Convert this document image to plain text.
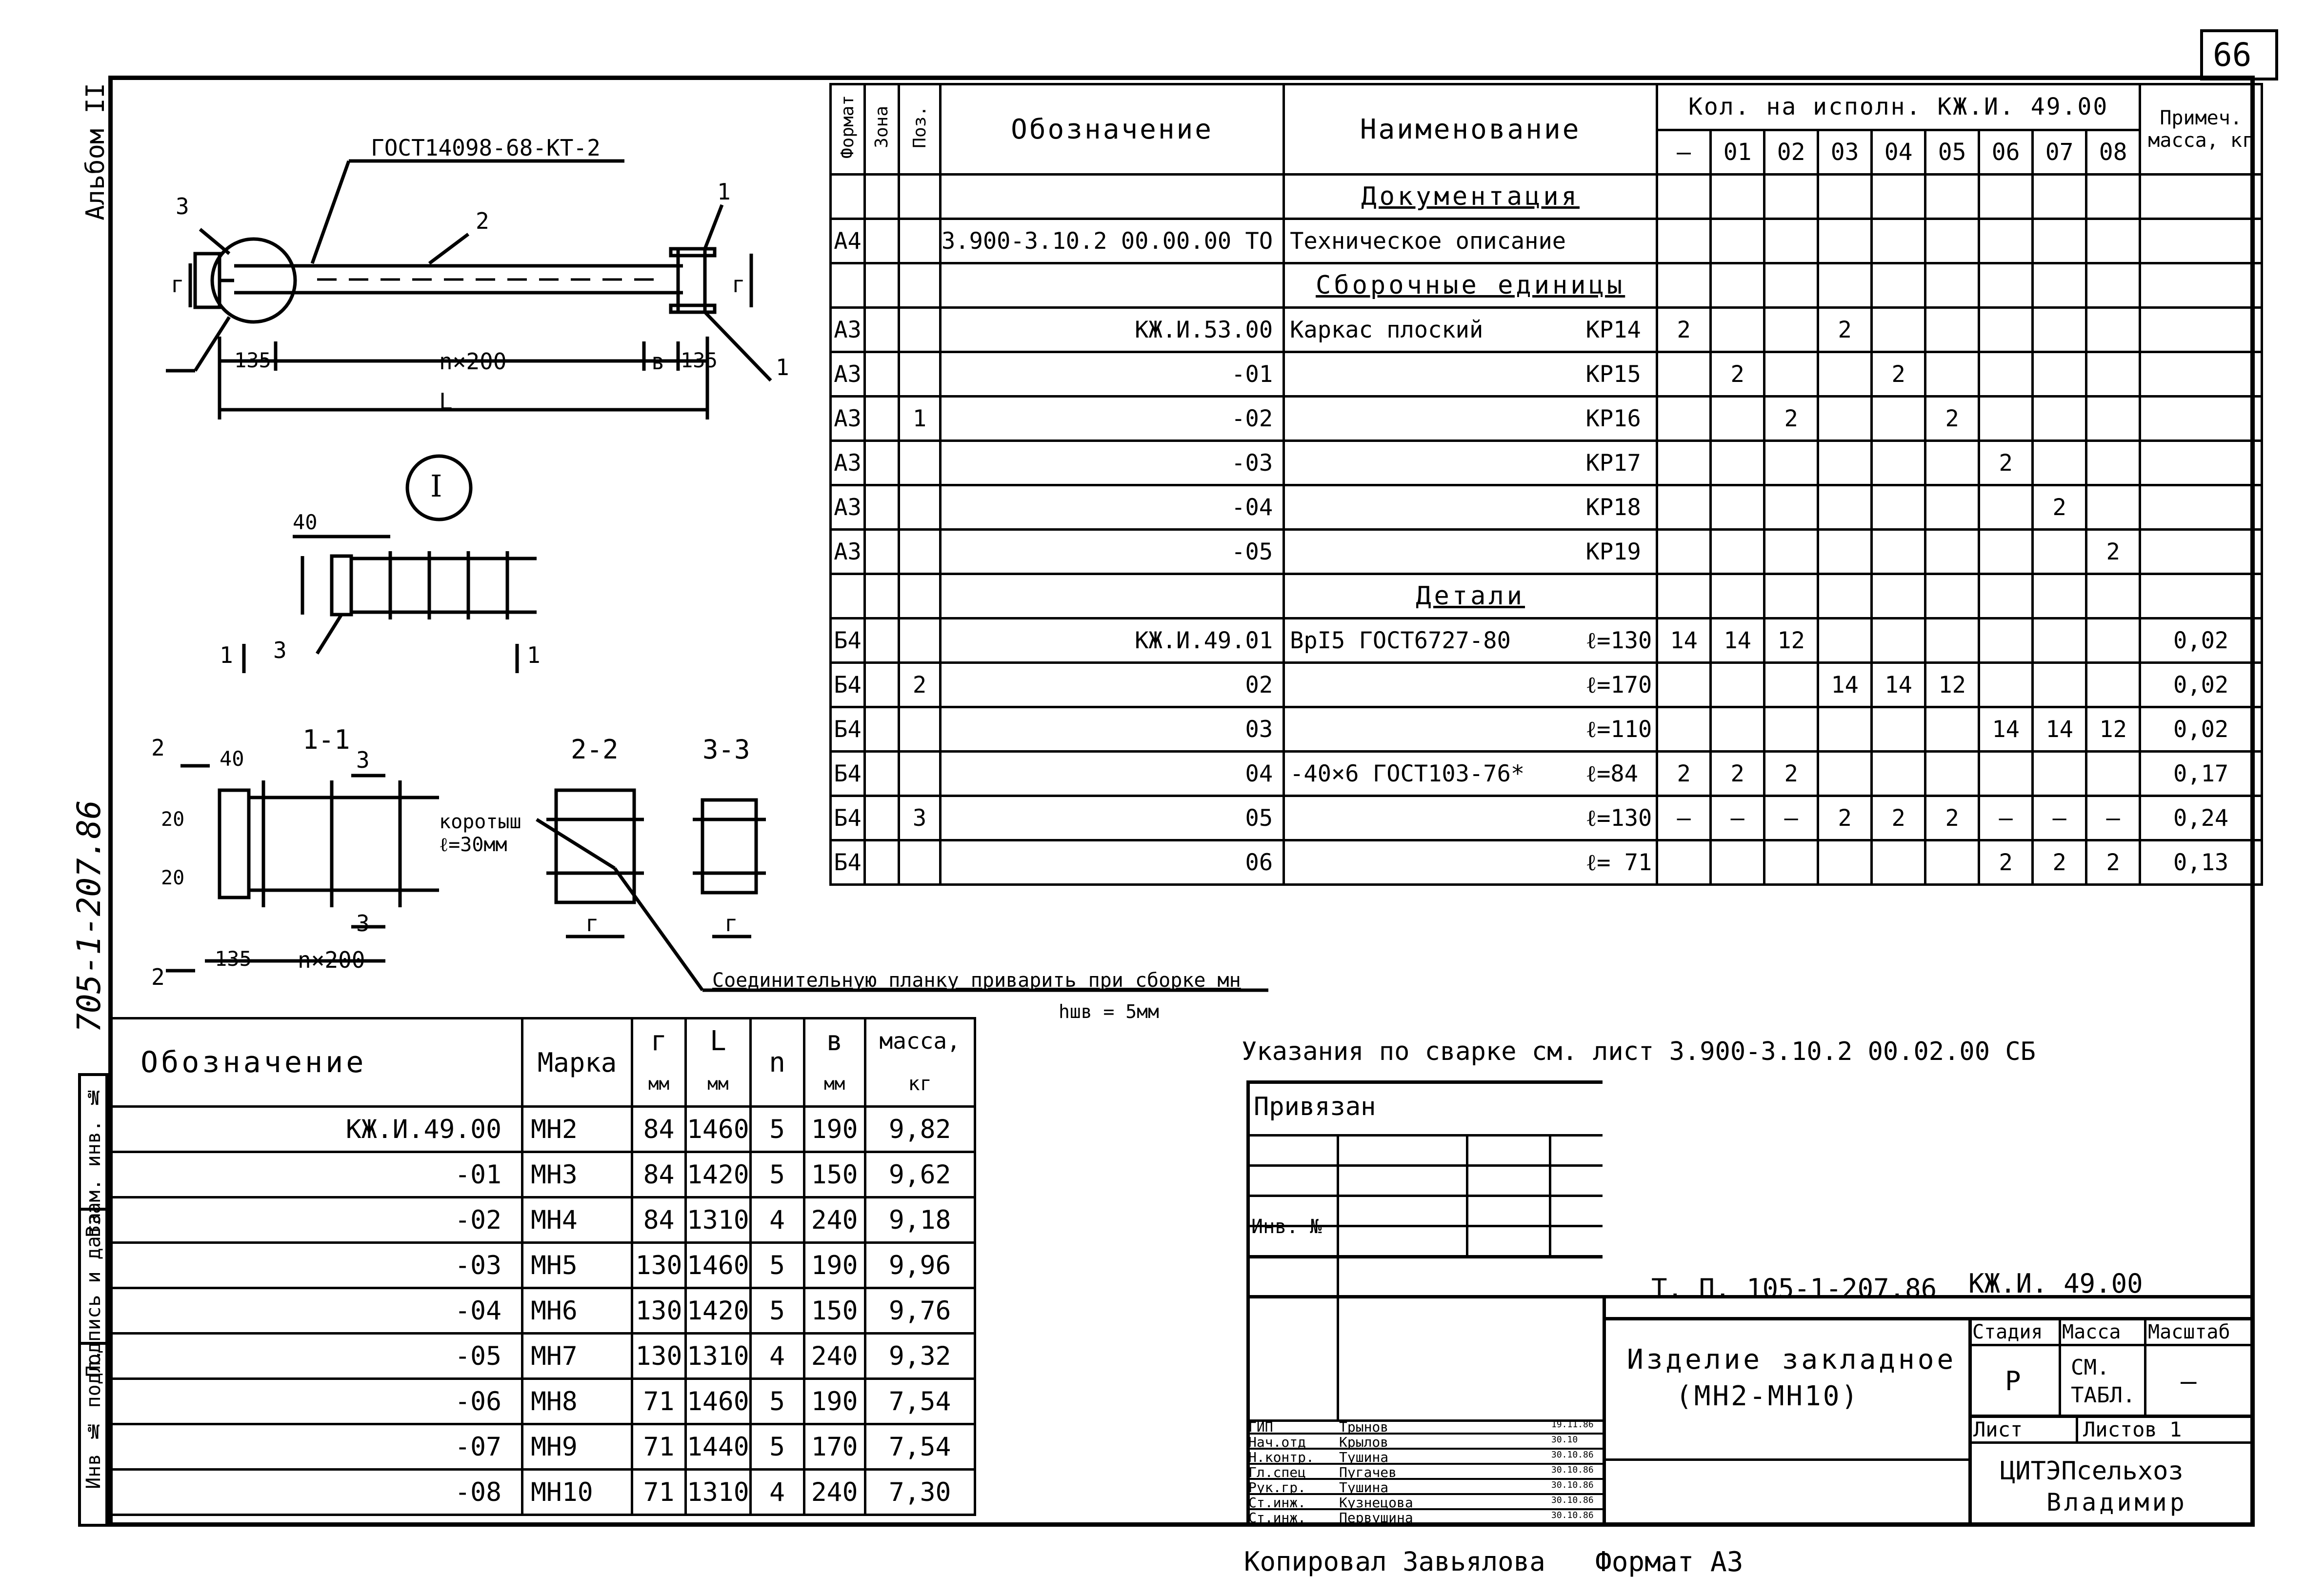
66
Альбом II
705-1-207.86
Инв № подл.
Подпись и дата
Взам. инв. №
ГОСТ14098-68-КТ-2
3
2
1
1
135	n×200	в 135
L
г	г
I
40
3
1	1
1-1	2-2	3-3
2	40	3
3
2
20
20
135 n×200
коротыш
ℓ=30мм
г	г
Соединительную планку приварить при сборке мн
hшв = 5мм
Формат	Зона	Поз.	Обозначение	Наименование		Кол. на исполн. КЖ.И. 49.00									Примеч. масса, кг
						–	01	02	03	04	05	06	07	08	
				Документация											
А4			3.900-3.10.2 00.00.00 ТО	Техническое описание											
				Сборочные единицы											
А3			КЖ.И.53.00	Каркас плоский	КР14	2			2						
А3			-01		КР15		2			2					
А3		1	-02		КР16			2			2				
А3			-03		КР17							2			
А3			-04		КР18								2		
А3			-05		КР19									2	
				Детали											
Б4			КЖ.И.49.01	ВрI5 ГОСТ6727-80	ℓ=130	14	14	12							0,02
Б4		2	02		ℓ=170				14	14	12				0,02
Б4			03		ℓ=110							14	14	12	0,02
Б4			04	-40×6 ГОСТ103-76*	ℓ=84	2	2	2							0,17
Б4		3	05		ℓ=130	—	—	—	2	2	2	—	—	—	0,24
Б4			06		ℓ= 71							2	2	2	0,13
Обозначение	Марка	г	L	n	в	масса,
		мм	мм		мм	кг
КЖ.И.49.00	МН2	84	1460	5	190	9,82
-01	МН3	84	1420	5	150	9,62
-02	МН4	84	1310	4	240	9,18
-03	МН5	130	1460	5	190	9,96
-04	МН6	130	1420	5	150	9,76
-05	МН7	130	1310	4	240	9,32
-06	МН8	71	1460	5	190	7,54
-07	МН9	71	1440	5	170	7,54
-08	МН10	71	1310	4	240	7,30
Указания по сварке см. лист 3.900-3.10.2 00.02.00 СБ
Привязан
Инв. №
ГИП	Трынов	19.11.86
Нач.отд Крылов	30.10
Н.контр. Тушина	30.10.86
Гл.спец Пугачев	30.10.86
Рук.гр. Тушина	30.10.86
Ст.инж. Кузнецова	30.10.86
Ст.инж. Первушина	30.10.86
Т. П. 105-1-207.86 КЖ.И. 49.00
Изделие закладное
(МН2-МН10)
Стадия Масса Масштаб
Р СМ. ТАБЛ. —
Лист	Листов 1
ЦИТЭПсельхоз
Владимир
Копировал Завьялова Формат А3
